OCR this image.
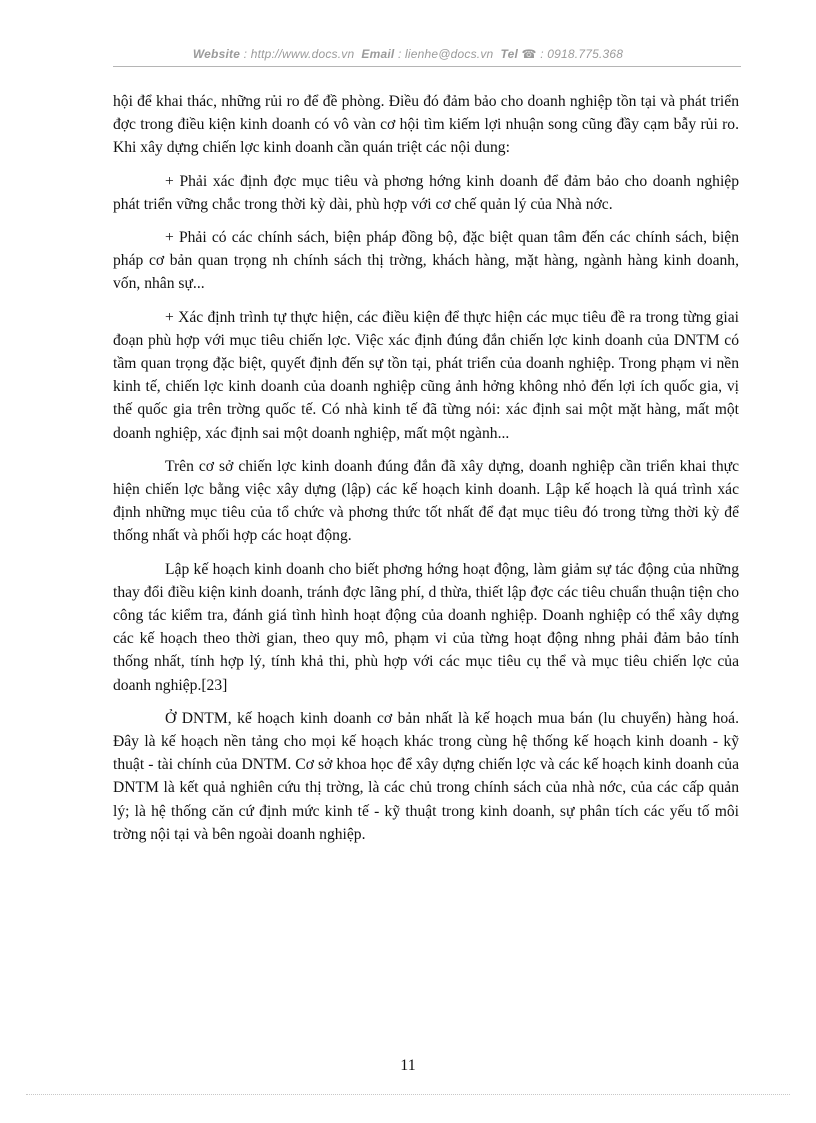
Website : http://www.docs.vn Email : lienhe@docs.vn Tel ☎ : 0918.775.368

hội để khai thác, những rủi ro để đề phòng. Điều đó đảm bảo cho doanh nghiệp tồn tại và phát triển đợc trong điều kiện kinh doanh có vô vàn cơ hội tìm kiếm lợi nhuận song cũng đầy cạm bẫy rủi ro. Khi xây dựng chiến lợc kinh doanh cần quán triệt các nội dung:

+ Phải xác định đợc mục tiêu và phơng hớng kinh doanh để đảm bảo cho doanh nghiệp phát triển vững chắc trong thời kỳ dài, phù hợp với cơ chế quản lý của Nhà nớc.

+ Phải có các chính sách, biện pháp đồng bộ, đặc biệt quan tâm đến các chính sách, biện pháp cơ bản quan trọng nh chính sách thị trờng, khách hàng, mặt hàng, ngành hàng kinh doanh, vốn, nhân sự...

+ Xác định trình tự thực hiện, các điều kiện để thực hiện các mục tiêu đề ra trong từng giai đoạn phù hợp với mục tiêu chiến lợc. Việc xác định đúng đắn chiến lợc kinh doanh của DNTM có tầm quan trọng đặc biệt, quyết định đến sự tồn tại, phát triển của doanh nghiệp. Trong phạm vi nền kinh tế, chiến lợc kinh doanh của doanh nghiệp cũng ảnh hởng không nhỏ đến lợi ích quốc gia, vị thế quốc gia trên trờng quốc tế. Có nhà kinh tế đã từng nói: xác định sai một mặt hàng, mất một doanh nghiệp, xác định sai một doanh nghiệp, mất một ngành...

Trên cơ sở chiến lợc kinh doanh đúng đắn đã xây dựng, doanh nghiệp cần triển khai thực hiện chiến lợc bằng việc xây dựng (lập) các kế hoạch kinh doanh. Lập kế hoạch là quá trình xác định những mục tiêu của tổ chức và phơng thức tốt nhất để đạt mục tiêu đó trong từng thời kỳ để thống nhất và phối hợp các hoạt động.

Lập kế hoạch kinh doanh cho biết phơng hớng hoạt động, làm giảm sự tác động của những thay đổi điều kiện kinh doanh, tránh đợc lãng phí, d thừa, thiết lập đợc các tiêu chuẩn thuận tiện cho công tác kiểm tra, đánh giá tình hình hoạt động của doanh nghiệp. Doanh nghiệp có thể xây dựng các kế hoạch theo thời gian, theo quy mô, phạm vi của từng hoạt động nhng phải đảm bảo tính thống nhất, tính hợp lý, tính khả thi, phù hợp với các mục tiêu cụ thể và mục tiêu chiến lợc của doanh nghiệp.[23]

Ở DNTM, kế hoạch kinh doanh cơ bản nhất là kế hoạch mua bán (lu chuyển) hàng hoá. Đây là kế hoạch nền tảng cho mọi kế hoạch khác trong cùng hệ thống kế hoạch kinh doanh - kỹ thuật - tài chính của DNTM. Cơ sở khoa học để xây dựng chiến lợc và các kế hoạch kinh doanh của DNTM là kết quả nghiên cứu thị trờng, là các chủ trong chính sách của nhà nớc, của các cấp quản lý; là hệ thống căn cứ định mức kinh tế - kỹ thuật trong kinh doanh, sự phân tích các yếu tố môi trờng nội tại và bên ngoài doanh nghiệp.

11
